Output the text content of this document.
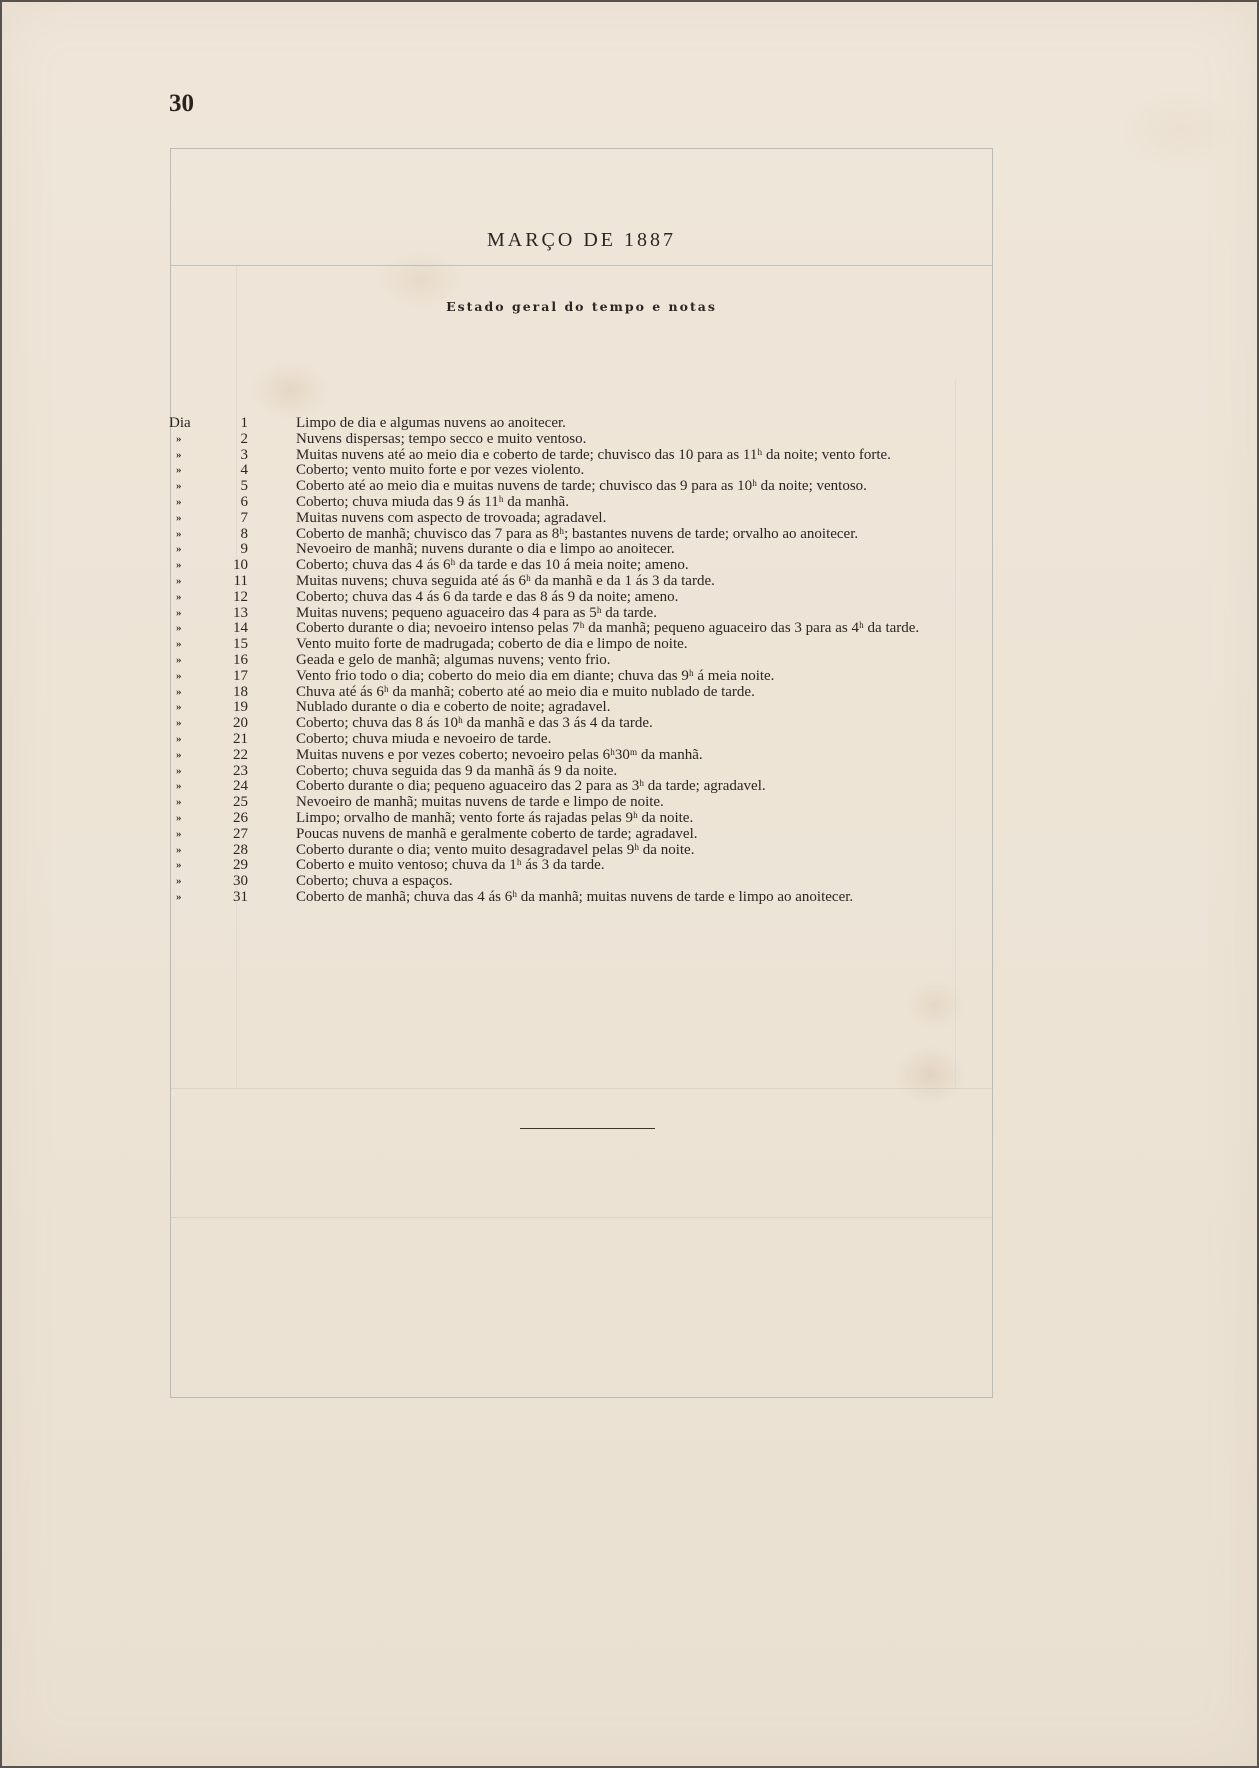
30
MARÇO DE 1887
Estado geral do tempo e notas
Dia	1	Limpo de dia e algumas nuvens ao anoitecer.
»	2	Nuvens dispersas; tempo secco e muito ventoso.
»	3	Muitas nuvens até ao meio dia e coberto de tarde; chuvisco das 10 para as 11ʰ da noite; vento forte.
»	4	Coberto; vento muito forte e por vezes violento.
»	5	Coberto até ao meio dia e muitas nuvens de tarde; chuvisco das 9 para as 10ʰ da noite; ventoso.
»	6	Coberto; chuva miuda das 9 ás 11ʰ da manhã.
»	7	Muitas nuvens com aspecto de trovoada; agradavel.
»	8	Coberto de manhã; chuvisco das 7 para as 8ʰ; bastantes nuvens de tarde; orvalho ao anoitecer.
»	9	Nevoeiro de manhã; nuvens durante o dia e limpo ao anoitecer.
»	10	Coberto; chuva das 4 ás 6ʰ da tarde e das 10 á meia noite; ameno.
»	11	Muitas nuvens; chuva seguida até ás 6ʰ da manhã e da 1 ás 3 da tarde.
»	12	Coberto; chuva das 4 ás 6 da tarde e das 8 ás 9 da noite; ameno.
»	13	Muitas nuvens; pequeno aguaceiro das 4 para as 5ʰ da tarde.
»	14	Coberto durante o dia; nevoeiro intenso pelas 7ʰ da manhã; pequeno aguaceiro das 3 para as 4ʰ da tarde.
»	15	Vento muito forte de madrugada; coberto de dia e limpo de noite.
»	16	Geada e gelo de manhã; algumas nuvens; vento frio.
»	17	Vento frio todo o dia; coberto do meio dia em diante; chuva das 9ʰ á meia noite.
»	18	Chuva até ás 6ʰ da manhã; coberto até ao meio dia e muito nublado de tarde.
»	19	Nublado durante o dia e coberto de noite; agradavel.
»	20	Coberto; chuva das 8 ás 10ʰ da manhã e das 3 ás 4 da tarde.
»	21	Coberto; chuva miuda e nevoeiro de tarde.
»	22	Muitas nuvens e por vezes coberto; nevoeiro pelas 6ʰ30ᵐ da manhã.
»	23	Coberto; chuva seguida das 9 da manhã ás 9 da noite.
»	24	Coberto durante o dia; pequeno aguaceiro das 2 para as 3ʰ da tarde; agradavel.
»	25	Nevoeiro de manhã; muitas nuvens de tarde e limpo de noite.
»	26	Limpo; orvalho de manhã; vento forte ás rajadas pelas 9ʰ da noite.
»	27	Poucas nuvens de manhã e geralmente coberto de tarde; agradavel.
»	28	Coberto durante o dia; vento muito desagradavel pelas 9ʰ da noite.
»	29	Coberto e muito ventoso; chuva da 1ʰ ás 3 da tarde.
»	30	Coberto; chuva a espaços.
»	31	Coberto de manhã; chuva das 4 ás 6ʰ da manhã; muitas nuvens de tarde e limpo ao anoitecer.
